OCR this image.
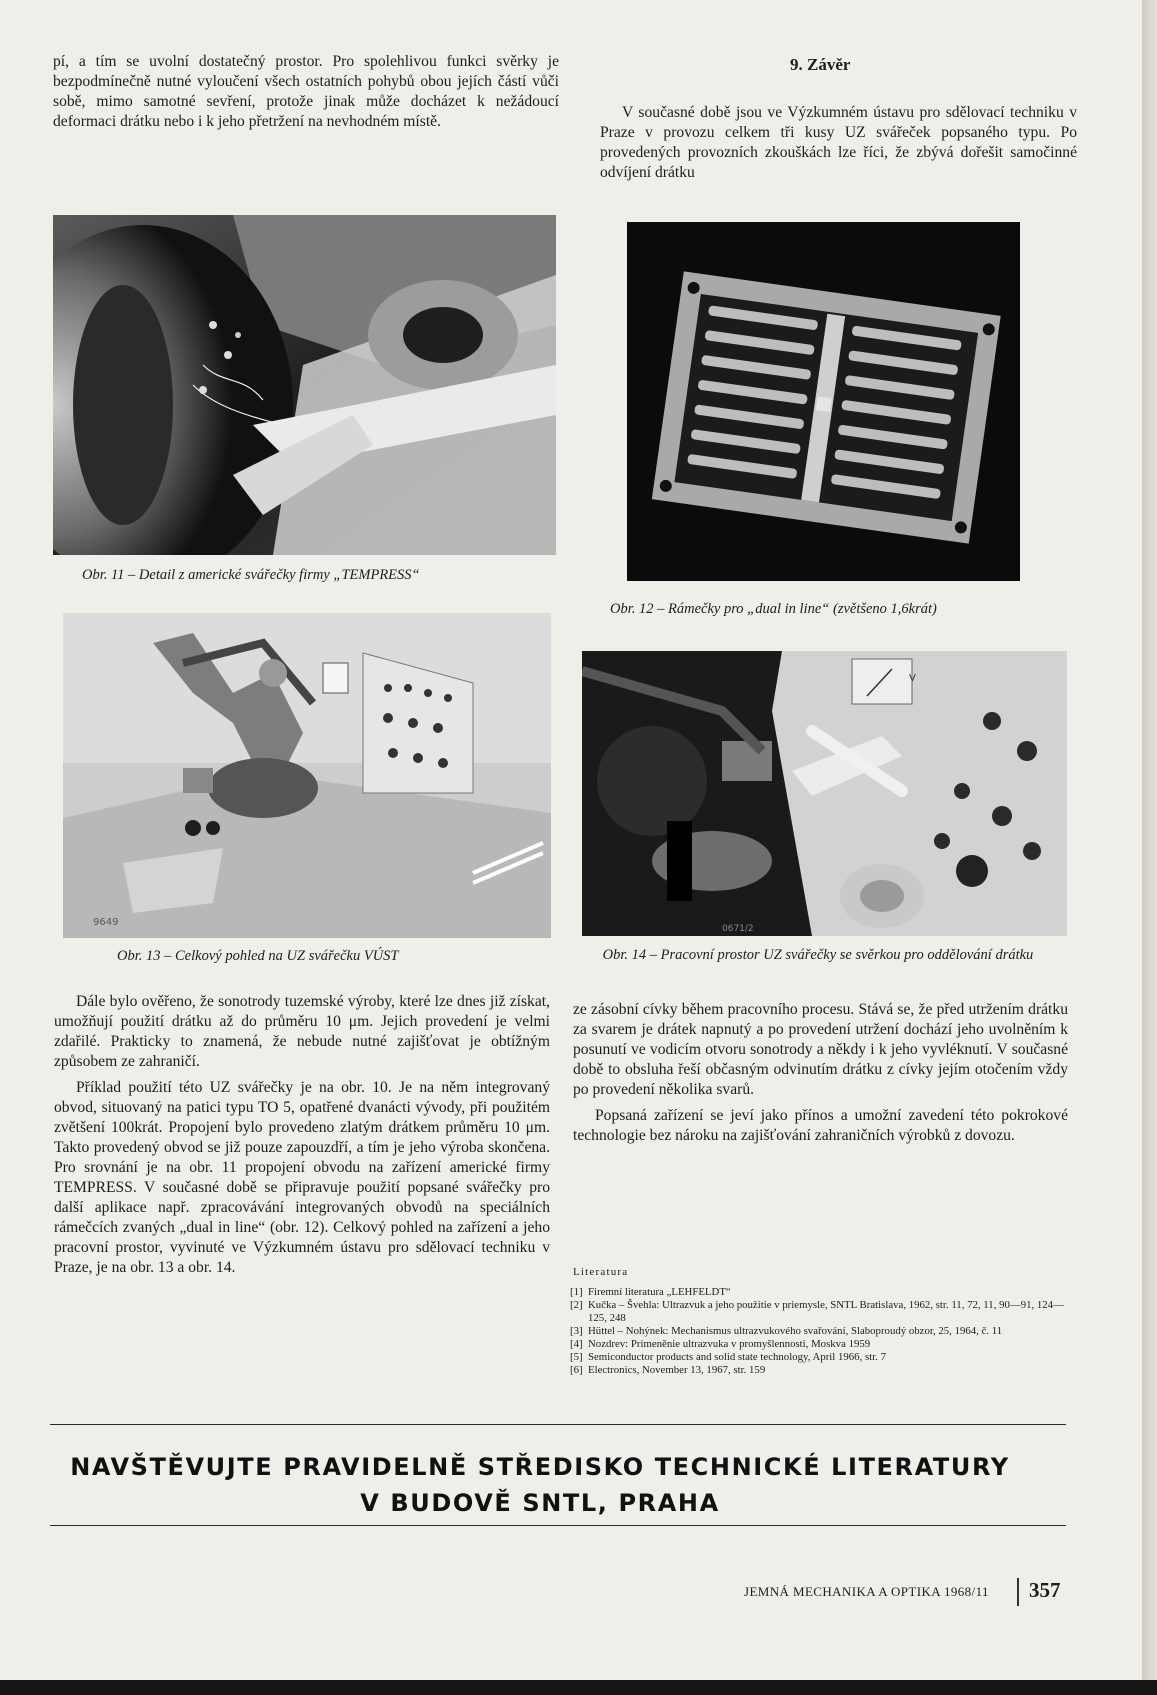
pí, a tím se uvolní dostatečný prostor. Pro spolehlivou funkci svěrky je bezpodmínečně nutné vyloučení všech ostatních pohybů obou jejích částí vůči sobě, mimo samotné sevření, protože jinak může docházet k nežádoucí deformaci drátku nebo i k jeho přetržení na nevhodném místě.

9. Závěr

V současné době jsou ve Výzkumném ústavu pro sdělovací techniku v Praze v provozu celkem tři kusy UZ svářeček popsaného typu. Po provedených provozních zkouškách lze říci, že zbývá dořešit samočinné odvíjení drátku

Obr. 11 – Detail z americké svářečky firmy „TEMPRESS“
Obr. 12 – Rámečky pro „dual in line“ (zvětšeno 1,6krát)
9649
Obr. 13 – Celkový pohled na UZ svářečku VÚST
V
0671/2
Obr. 14 – Pracovní prostor UZ svářečky se svěrkou pro oddělování drátku

Dále bylo ověřeno, že sonotrody tuzemské výroby, které lze dnes již získat, umožňují použití drátku až do průměru 10 μm. Jejich provedení je velmi zdařilé. Prakticky to znamená, že nebude nutné zajišťovat je obtížným způsobem ze zahraničí.

Příklad použití této UZ svářečky je na obr. 10. Je na něm integrovaný obvod, situovaný na patici typu TO 5, opatřené dvanácti vývody, při použitém zvětšení 100krát. Propojení bylo provedeno zlatým drátkem průměru 10 μm. Takto provedený obvod se již pouze zapouzdří, a tím je jeho výroba skončena. Pro srovnání je na obr. 11 propojení obvodu na zařízení americké firmy TEMPRESS. V současné době se připravuje použití popsané svářečky pro další aplikace např. zpracovávání integrovaných obvodů na speciálních rámečcích zvaných „dual in line“ (obr. 12). Celkový pohled na zařízení a jeho pracovní prostor, vyvinuté ve Výzkumném ústavu pro sdělovací techniku v Praze, je na obr. 13 a obr. 14.

ze zásobní cívky během pracovního procesu. Stává se, že před utržením drátku za svarem je drátek napnutý a po provedení utržení dochází jeho uvolněním k posunutí ve vodicím otvoru sonotrody a někdy i k jeho vyvléknutí. V současné době to obsluha řeší občasným odvinutím drátku z cívky jejím otočením vždy po provedení několika svarů.

Popsaná zařízení se jeví jako přínos a umožní zavedení této pokrokové technologie bez nároku na zajišťování zahraničních výrobků z dovozu.

Literatura
[1] Firemní literatura „LEHFELDT“
[2] Kučka – Švehla: Ultrazvuk a jeho použitie v priemysle, SNTL Bratislava, 1962, str. 11, 72, 11, 90—91, 124—125, 248
[3] Hüttel – Nohýnek: Mechanismus ultrazvukového svařování, Slaboproudý obzor, 25, 1964, č. 11
[4] Nozdrev: Primeněnie ultrazvuka v promyšlennosti, Moskva 1959
[5] Semiconductor products and solid state technology, April 1966, str. 7
[6] Electronics, November 13, 1967, str. 159
NAVŠTĚVUJTE PRAVIDELNĚ STŘEDISKO TECHNICKÉ LITERATURY
V BUDOVĚ SNTL, PRAHA
JEMNÁ MECHANIKA A OPTIKA 1968/11 357
